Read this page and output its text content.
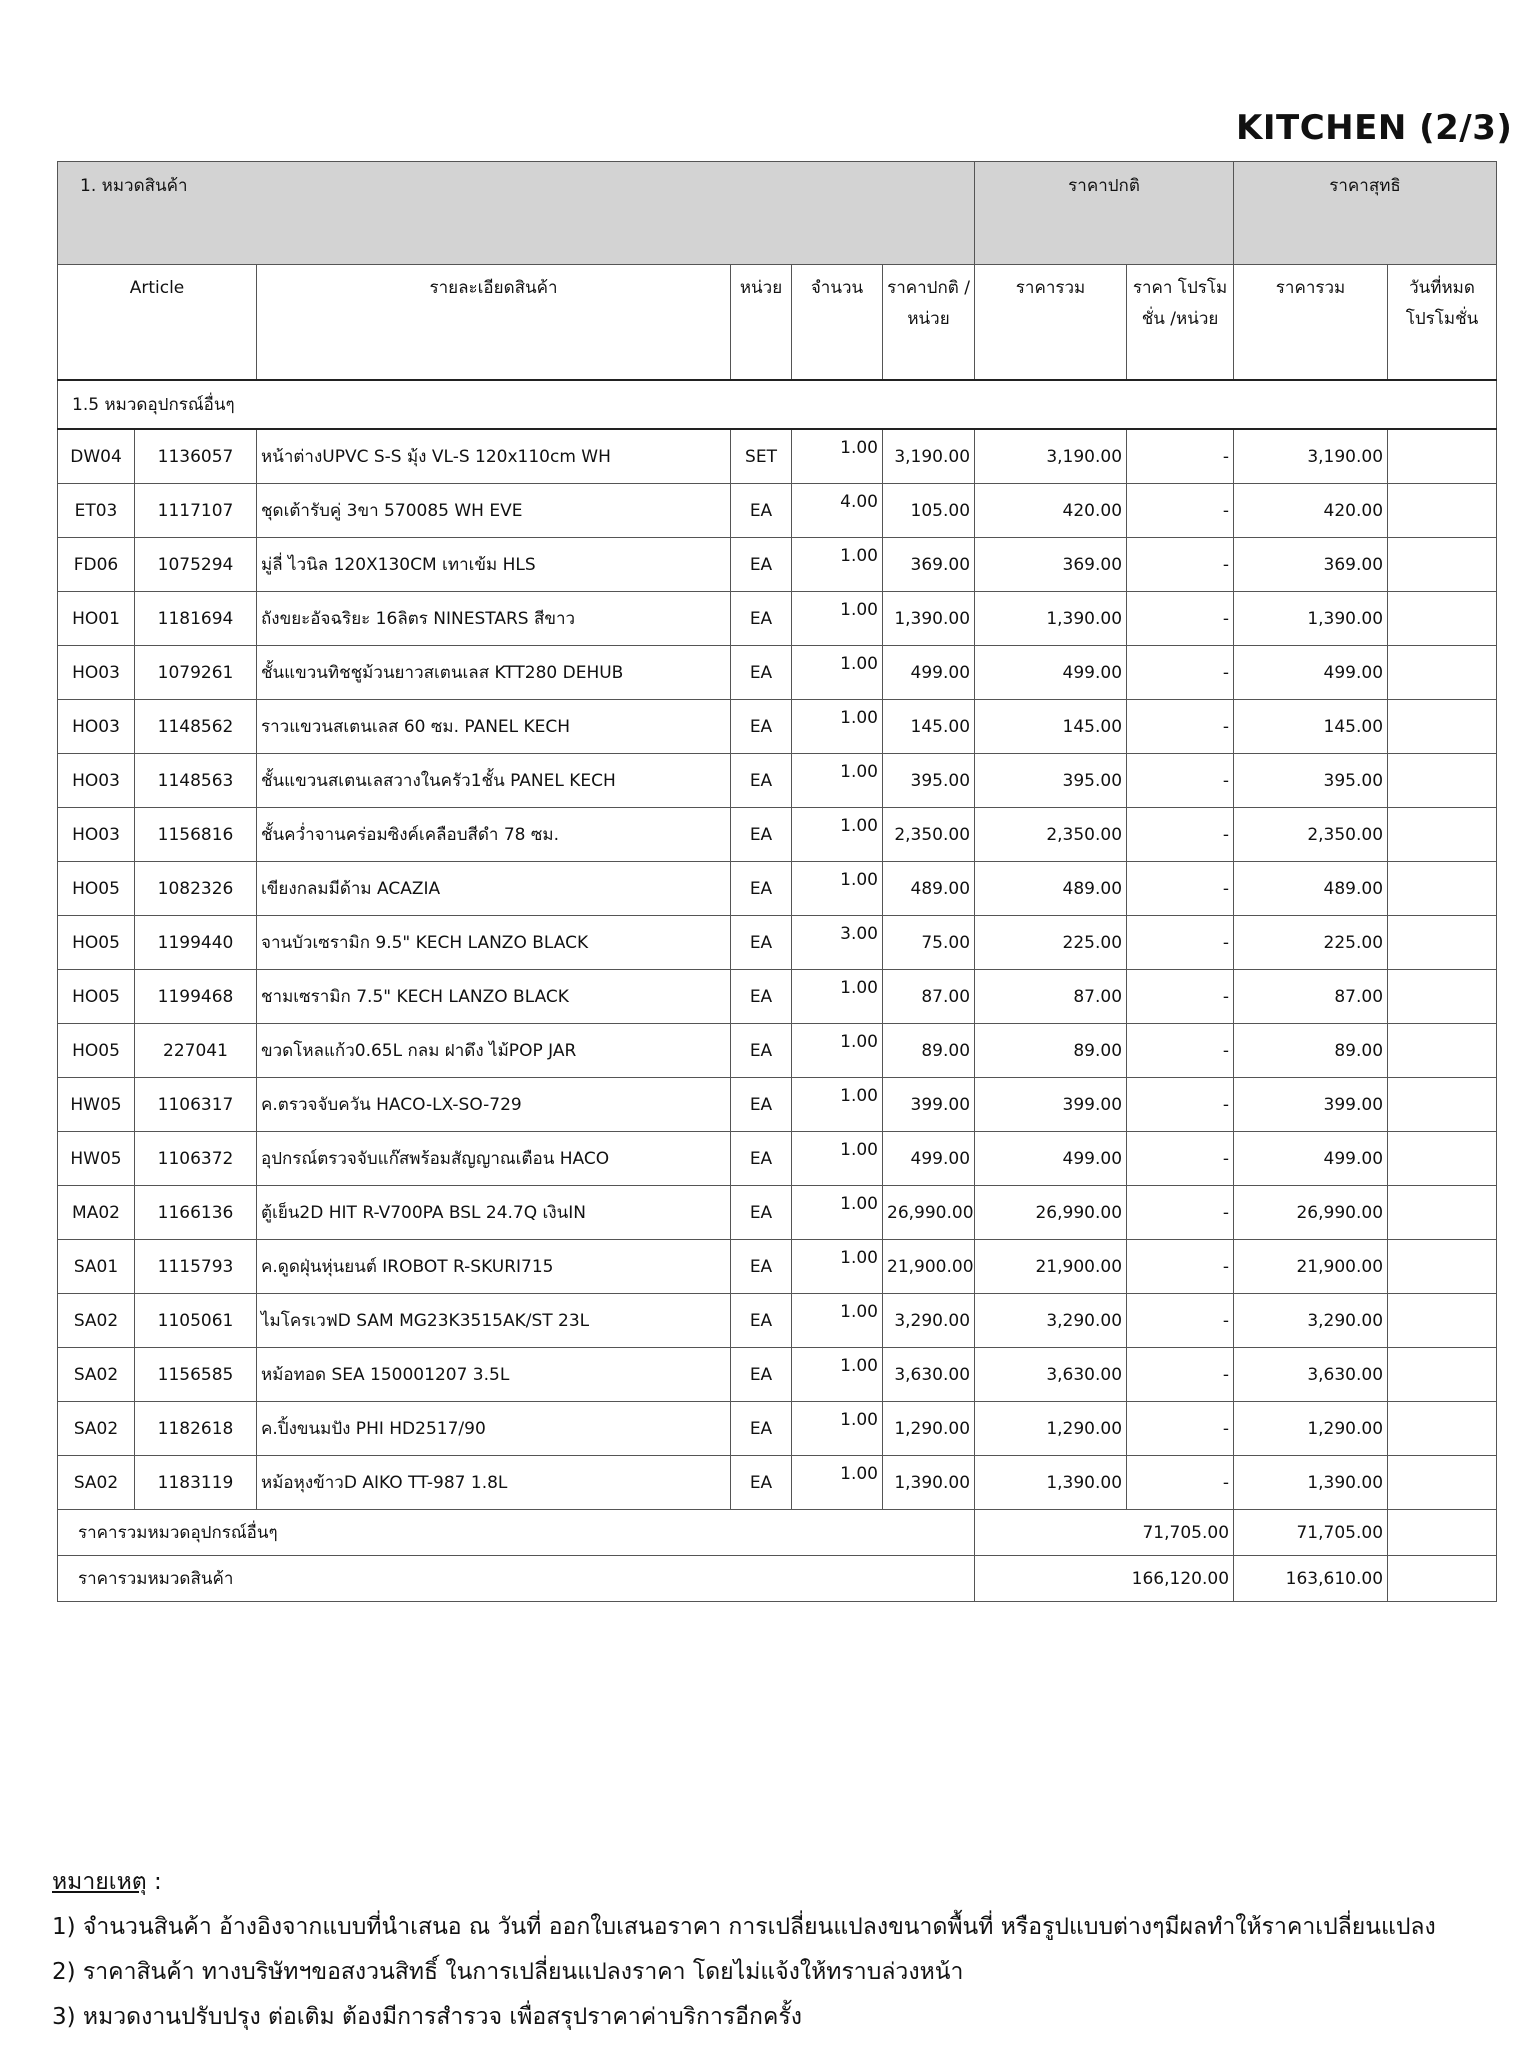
KITCHEN (2/3)
1. หมวดสินค้า						ราคาปกติ		ราคาสุทธิ	
Article		รายละเอียดสินค้า	หน่วย	จำนวน	ราคาปกติ /หน่วย	ราคารวม	ราคา โปรโมชั่น /หน่วย	ราคารวม	วันที่หมด โปรโมชั่น
1.5 หมวดอุปกรณ์อื่นๆ									
DW04	1136057	หน้าต่างUPVC S-S มุ้ง VL-S 120x110cm WH	SET	1.00	3,190.00	3,190.00	-	3,190.00	
ET03	1117107	ชุดเต้ารับคู่ 3ขา 570085 WH EVE	EA	4.00	105.00	420.00	-	420.00	
FD06	1075294	มู่ลี่ ไวนิล 120X130CM เทาเข้ม HLS	EA	1.00	369.00	369.00	-	369.00	
HO01	1181694	ถังขยะอัจฉริยะ 16ลิตร NINESTARS สีขาว	EA	1.00	1,390.00	1,390.00	-	1,390.00	
HO03	1079261	ชั้นแขวนทิชชูม้วนยาวสเตนเลส KTT280 DEHUB	EA	1.00	499.00	499.00	-	499.00	
HO03	1148562	ราวแขวนสเตนเลส 60 ซม. PANEL KECH	EA	1.00	145.00	145.00	-	145.00	
HO03	1148563	ชั้นแขวนสเตนเลสวางในครัว1ชั้น PANEL KECH	EA	1.00	395.00	395.00	-	395.00	
HO03	1156816	ชั้นคว่ำจานคร่อมซิงค์เคลือบสีดำ 78 ซม.	EA	1.00	2,350.00	2,350.00	-	2,350.00	
HO05	1082326	เขียงกลมมีด้าม ACAZIA	EA	1.00	489.00	489.00	-	489.00	
HO05	1199440	จานบัวเซรามิก 9.5" KECH LANZO BLACK	EA	3.00	75.00	225.00	-	225.00	
HO05	1199468	ชามเซรามิก 7.5" KECH LANZO BLACK	EA	1.00	87.00	87.00	-	87.00	
HO05	227041	ขวดโหลแก้ว0.65L กลม ฝาดึง ไม้POP JAR	EA	1.00	89.00	89.00	-	89.00	
HW05	1106317	ค.ตรวจจับควัน HACO-LX-SO-729	EA	1.00	399.00	399.00	-	399.00	
HW05	1106372	อุปกรณ์ตรวจจับแก๊สพร้อมสัญญาณเตือน HACO	EA	1.00	499.00	499.00	-	499.00	
MA02	1166136	ตู้เย็น2D HIT R-V700PA BSL 24.7Q เงินIN	EA	1.00	26,990.00	26,990.00	-	26,990.00	
SA01	1115793	ค.ดูดฝุ่นหุ่นยนต์ IROBOT R-SKURI715	EA	1.00	21,900.00	21,900.00	-	21,900.00	
SA02	1105061	ไมโครเวฟD SAM MG23K3515AK/ST 23L	EA	1.00	3,290.00	3,290.00	-	3,290.00	
SA02	1156585	หม้อทอด SEA 150001207 3.5L	EA	1.00	3,630.00	3,630.00	-	3,630.00	
SA02	1182618	ค.ปิ้งขนมปัง PHI HD2517/90	EA	1.00	1,290.00	1,290.00	-	1,290.00	
SA02	1183119	หม้อหุงข้าวD AIKO TT-987 1.8L	EA	1.00	1,390.00	1,390.00	-	1,390.00	
ราคารวมหมวดอุปกรณ์อื่นๆ						71,705.00		71,705.00	
ราคารวมหมวดสินค้า						166,120.00		163,610.00	
หมายเหตุ :
1) จำนวนสินค้า อ้างอิงจากแบบที่นำเสนอ ณ วันที่ ออกใบเสนอราคา การเปลี่ยนแปลงขนาดพื้นที่ หรือรูปแบบต่างๆมีผลทำให้ราคาเปลี่ยนแปลง
2) ราคาสินค้า ทางบริษัทฯขอสงวนสิทธิ์ ในการเปลี่ยนแปลงราคา โดยไม่แจ้งให้ทราบล่วงหน้า
3) หมวดงานปรับปรุง ต่อเติม ต้องมีการสำรวจ เพื่อสรุปราคาค่าบริการอีกครั้ง
